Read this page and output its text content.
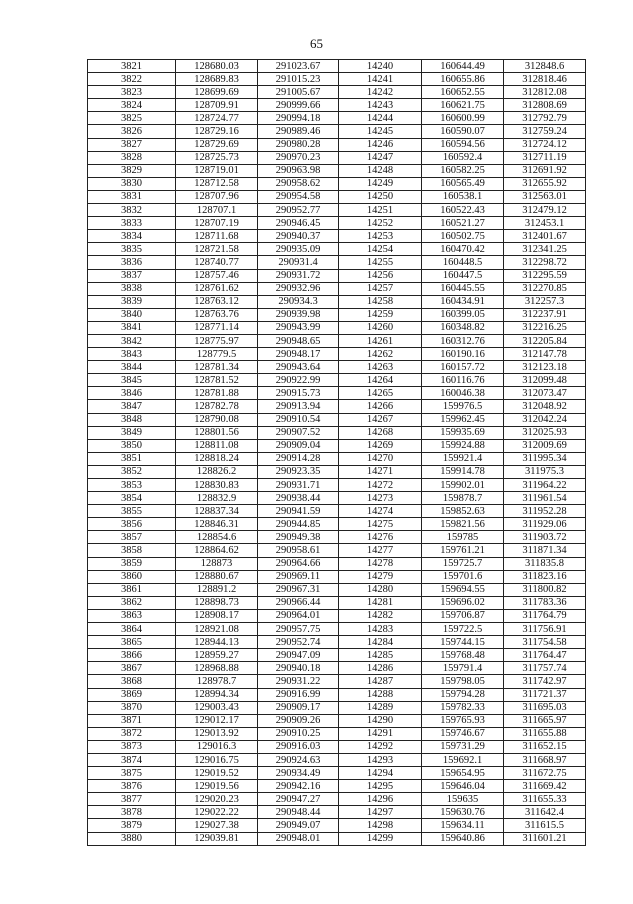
65
3821	128680.03	291023.67	14240	160644.49	312848.6
3822	128689.83	291015.23	14241	160655.86	312818.46
3823	128699.69	291005.67	14242	160652.55	312812.08
3824	128709.91	290999.66	14243	160621.75	312808.69
3825	128724.77	290994.18	14244	160600.99	312792.79
3826	128729.16	290989.46	14245	160590.07	312759.24
3827	128729.69	290980.28	14246	160594.56	312724.12
3828	128725.73	290970.23	14247	160592.4	312711.19
3829	128719.01	290963.98	14248	160582.25	312691.92
3830	128712.58	290958.62	14249	160565.49	312655.92
3831	128707.96	290954.58	14250	160538.1	312563.01
3832	128707.1	290952.77	14251	160522.43	312479.12
3833	128707.19	290946.45	14252	160521.27	312453.1
3834	128711.68	290940.37	14253	160502.75	312401.67
3835	128721.58	290935.09	14254	160470.42	312341.25
3836	128740.77	290931.4	14255	160448.5	312298.72
3837	128757.46	290931.72	14256	160447.5	312295.59
3838	128761.62	290932.96	14257	160445.55	312270.85
3839	128763.12	290934.3	14258	160434.91	312257.3
3840	128763.76	290939.98	14259	160399.05	312237.91
3841	128771.14	290943.99	14260	160348.82	312216.25
3842	128775.97	290948.65	14261	160312.76	312205.84
3843	128779.5	290948.17	14262	160190.16	312147.78
3844	128781.34	290943.64	14263	160157.72	312123.18
3845	128781.52	290922.99	14264	160116.76	312099.48
3846	128781.88	290915.73	14265	160046.38	312073.47
3847	128782.78	290913.94	14266	159976.5	312048.92
3848	128790.08	290910.54	14267	159962.45	312042.24
3849	128801.56	290907.52	14268	159935.69	312025.93
3850	128811.08	290909.04	14269	159924.88	312009.69
3851	128818.24	290914.28	14270	159921.4	311995.34
3852	128826.2	290923.35	14271	159914.78	311975.3
3853	128830.83	290931.71	14272	159902.01	311964.22
3854	128832.9	290938.44	14273	159878.7	311961.54
3855	128837.34	290941.59	14274	159852.63	311952.28
3856	128846.31	290944.85	14275	159821.56	311929.06
3857	128854.6	290949.38	14276	159785	311903.72
3858	128864.62	290958.61	14277	159761.21	311871.34
3859	128873	290964.66	14278	159725.7	311835.8
3860	128880.67	290969.11	14279	159701.6	311823.16
3861	128891.2	290967.31	14280	159694.55	311800.82
3862	128898.73	290966.44	14281	159696.02	311783.36
3863	128908.17	290964.01	14282	159706.87	311764.79
3864	128921.08	290957.75	14283	159722.5	311756.91
3865	128944.13	290952.74	14284	159744.15	311754.58
3866	128959.27	290947.09	14285	159768.48	311764.47
3867	128968.88	290940.18	14286	159791.4	311757.74
3868	128978.7	290931.22	14287	159798.05	311742.97
3869	128994.34	290916.99	14288	159794.28	311721.37
3870	129003.43	290909.17	14289	159782.33	311695.03
3871	129012.17	290909.26	14290	159765.93	311665.97
3872	129013.92	290910.25	14291	159746.67	311655.88
3873	129016.3	290916.03	14292	159731.29	311652.15
3874	129016.75	290924.63	14293	159692.1	311668.97
3875	129019.52	290934.49	14294	159654.95	311672.75
3876	129019.56	290942.16	14295	159646.04	311669.42
3877	129020.23	290947.27	14296	159635	311655.33
3878	129022.22	290948.44	14297	159630.76	311642.4
3879	129027.38	290949.07	14298	159634.11	311615.5
3880	129039.81	290948.01	14299	159640.86	311601.21
